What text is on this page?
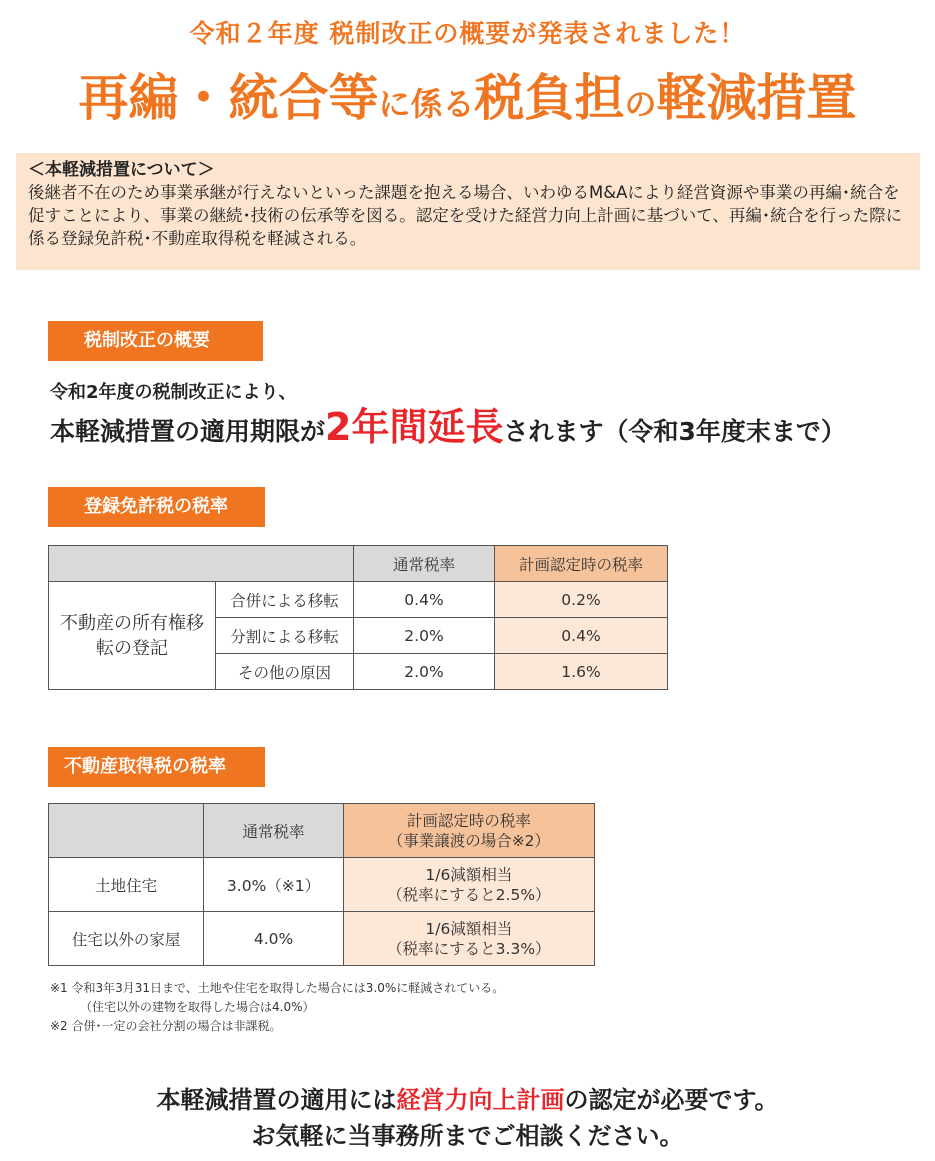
令和２年度 税制改正の概要が発表されました！
再編・統合等に係る税負担の軽減措置
＜本軽減措置について＞
後継者不在のため事業承継が行えないといった課題を抱える場合、いわゆるM&Aにより経営資源や事業の再編･統合を促すことにより、事業の継続･技術の伝承等を図る。認定を受けた経営力向上計画に基づいて、再編･統合を行った際に係る登録免許税･不動産取得税を軽減される。
税制改正の概要
令和2年度の税制改正により、
本軽減措置の適用期限が2年間延長されます（令和3年度末まで）
登録免許税の税率
		通常税率	計画認定時の税率
不動産の所有権移転の登記	合併による移転	0.4%	0.2%
	分割による移転	2.0%	0.4%
	その他の原因	2.0%	1.6%
不動産取得税の税率
	通常税率	計画認定時の税率
（事業譲渡の場合※2）

土地住宅	3.0%（※1）	1/6減額相当
（税率にすると2.5%）

住宅以外の家屋	4.0%	1/6減額相当
（税率にすると3.3%）
※1 令和3年3月31日まで、土地や住宅を取得した場合には3.0%に軽減されている。
（住宅以外の建物を取得した場合は4.0%）
※2 合併･一定の会社分割の場合は非課税。
本軽減措置の適用には経営力向上計画の認定が必要です。
お気軽に当事務所までご相談ください。
